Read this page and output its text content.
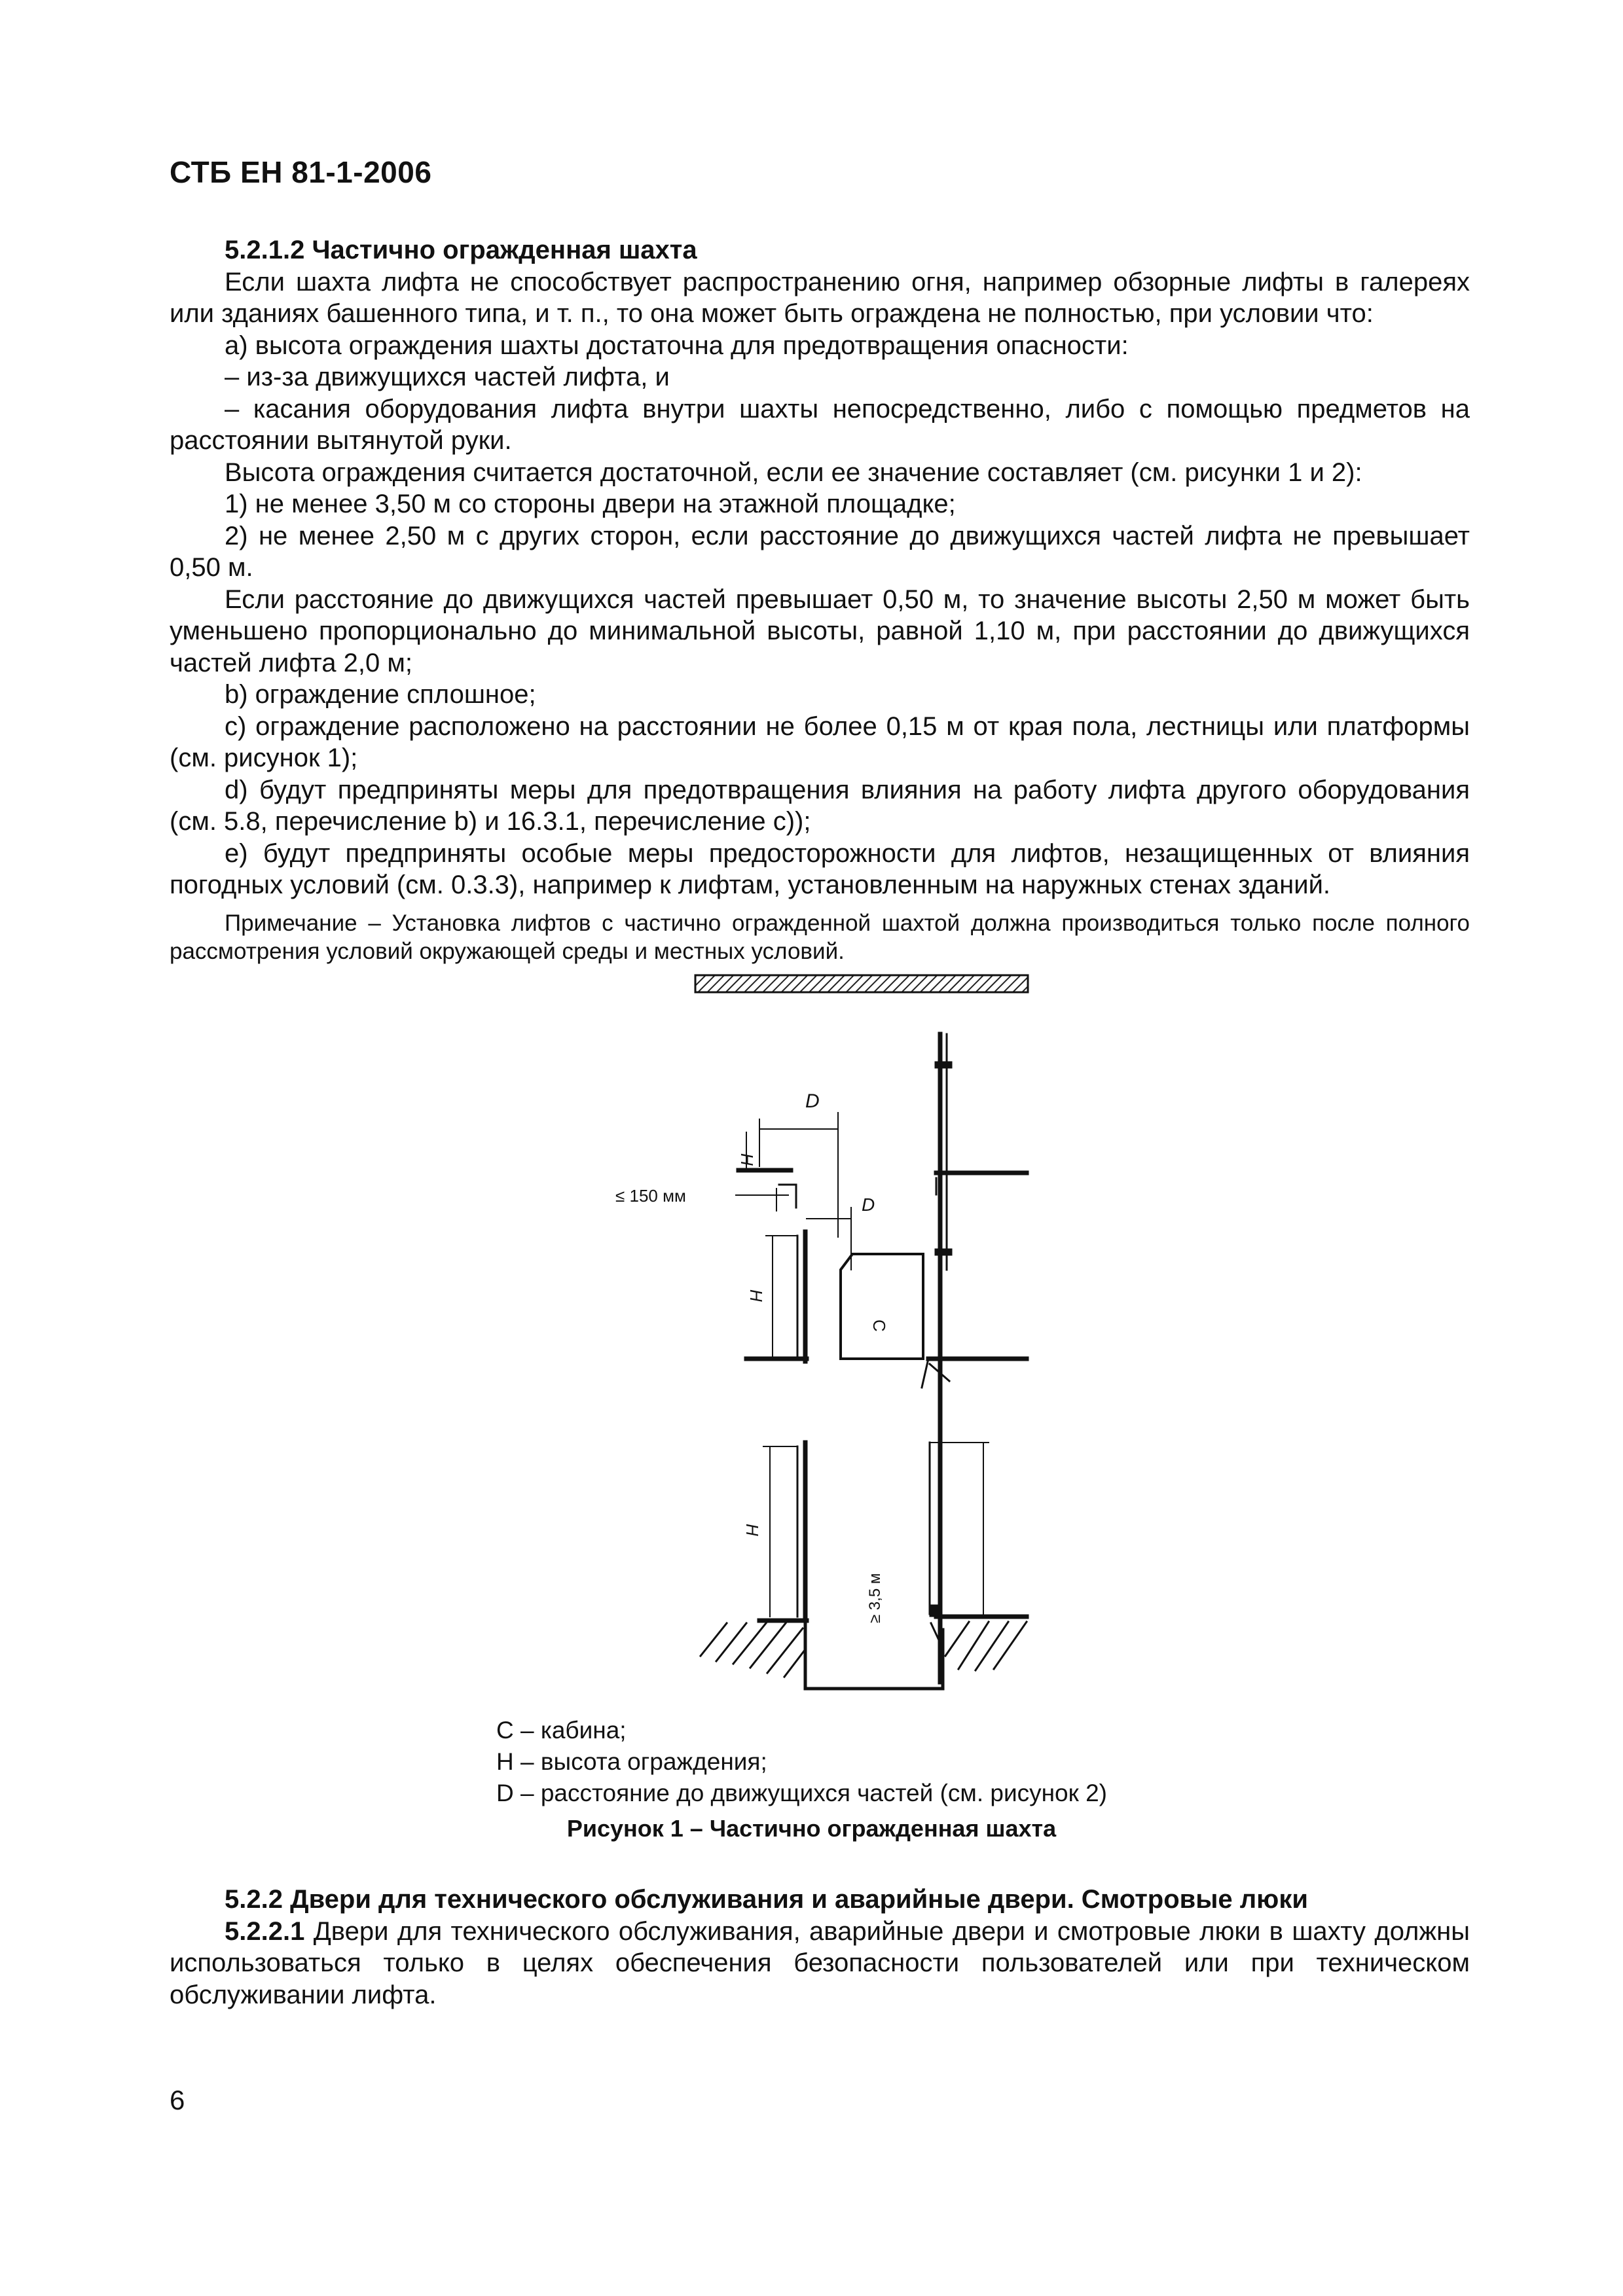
СТБ ЕН 81-1-2006

5.2.1.2 Частично огражденная шахта

Если шахта лифта не способствует распространению огня, например обзорные лифты в галереях или зданиях башенного типа, и т. п., то она может быть ограждена не полностью, при условии что:

а) высота ограждения шахты достаточна для предотвращения опасности:

– из-за движущихся частей лифта, и

– касания оборудования лифта внутри шахты непосредственно, либо с помощью предметов на расстоянии вытянутой руки.

Высота ограждения считается достаточной, если ее значение составляет (см. рисунки 1 и 2):

1) не менее 3,50 м со стороны двери на этажной площадке;

2) не менее 2,50 м с других сторон, если расстояние до движущихся частей лифта не превышает 0,50 м.

Если расстояние до движущихся частей превышает 0,50 м, то значение высоты 2,50 м может быть уменьшено пропорционально до минимальной высоты, равной 1,10 м, при расстоянии до движущихся частей лифта 2,0 м;

b) ограждение сплошное;

с) ограждение расположено на расстоянии не более 0,15 м от края пола, лестницы или платформы (см. рисунок 1);

d) будут предприняты меры для предотвращения влияния на работу лифта другого оборудования (см. 5.8, перечисление b) и 16.3.1, перечисление с));

е) будут предприняты особые меры предосторожности для лифтов, незащищенных от влияния погодных условий (см. 0.3.3), например к лифтам, установленным на наружных стенах зданий.

Примечание – Установка лифтов с частично огражденной шахтой должна производиться только после полного рассмотрения условий окружающей среды и местных условий.

D
H
≤ 150 мм	D
H
C
H
≥ 3,5 м
С – кабина;
Н – высота ограждения;
D – расстояние до движущихся частей (см. рисунок 2)
Рисунок 1 – Частично огражденная шахта

5.2.2 Двери для технического обслуживания и аварийные двери. Смотровые люки

5.2.2.1 Двери для технического обслуживания, аварийные двери и смотровые люки в шахту должны использоваться только в целях обеспечения безопасности пользователей или при техническом обслуживании лифта.

6
